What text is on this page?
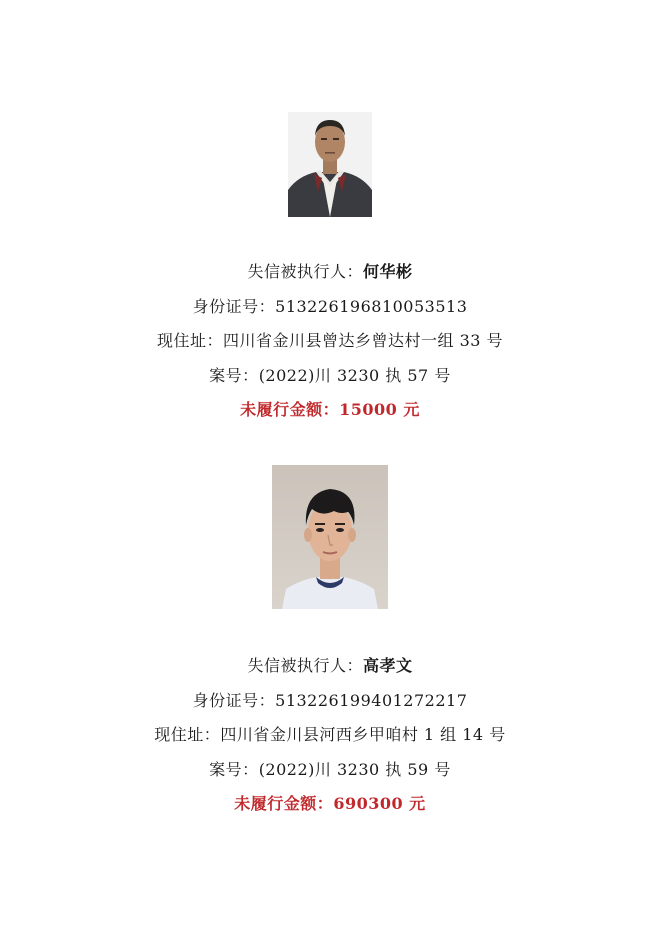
失信被执行人：何华彬
身份证号：513226196810053513
现住址：四川省金川县曾达乡曾达村一组 33 号
案号：(2022)川 3230 执 57 号
未履行金额：15000 元
失信被执行人：高孝文
身份证号：513226199401272217
现住址：四川省金川县河西乡甲咱村 1 组 14 号
案号：(2022)川 3230 执 59 号
未履行金额：690300 元
